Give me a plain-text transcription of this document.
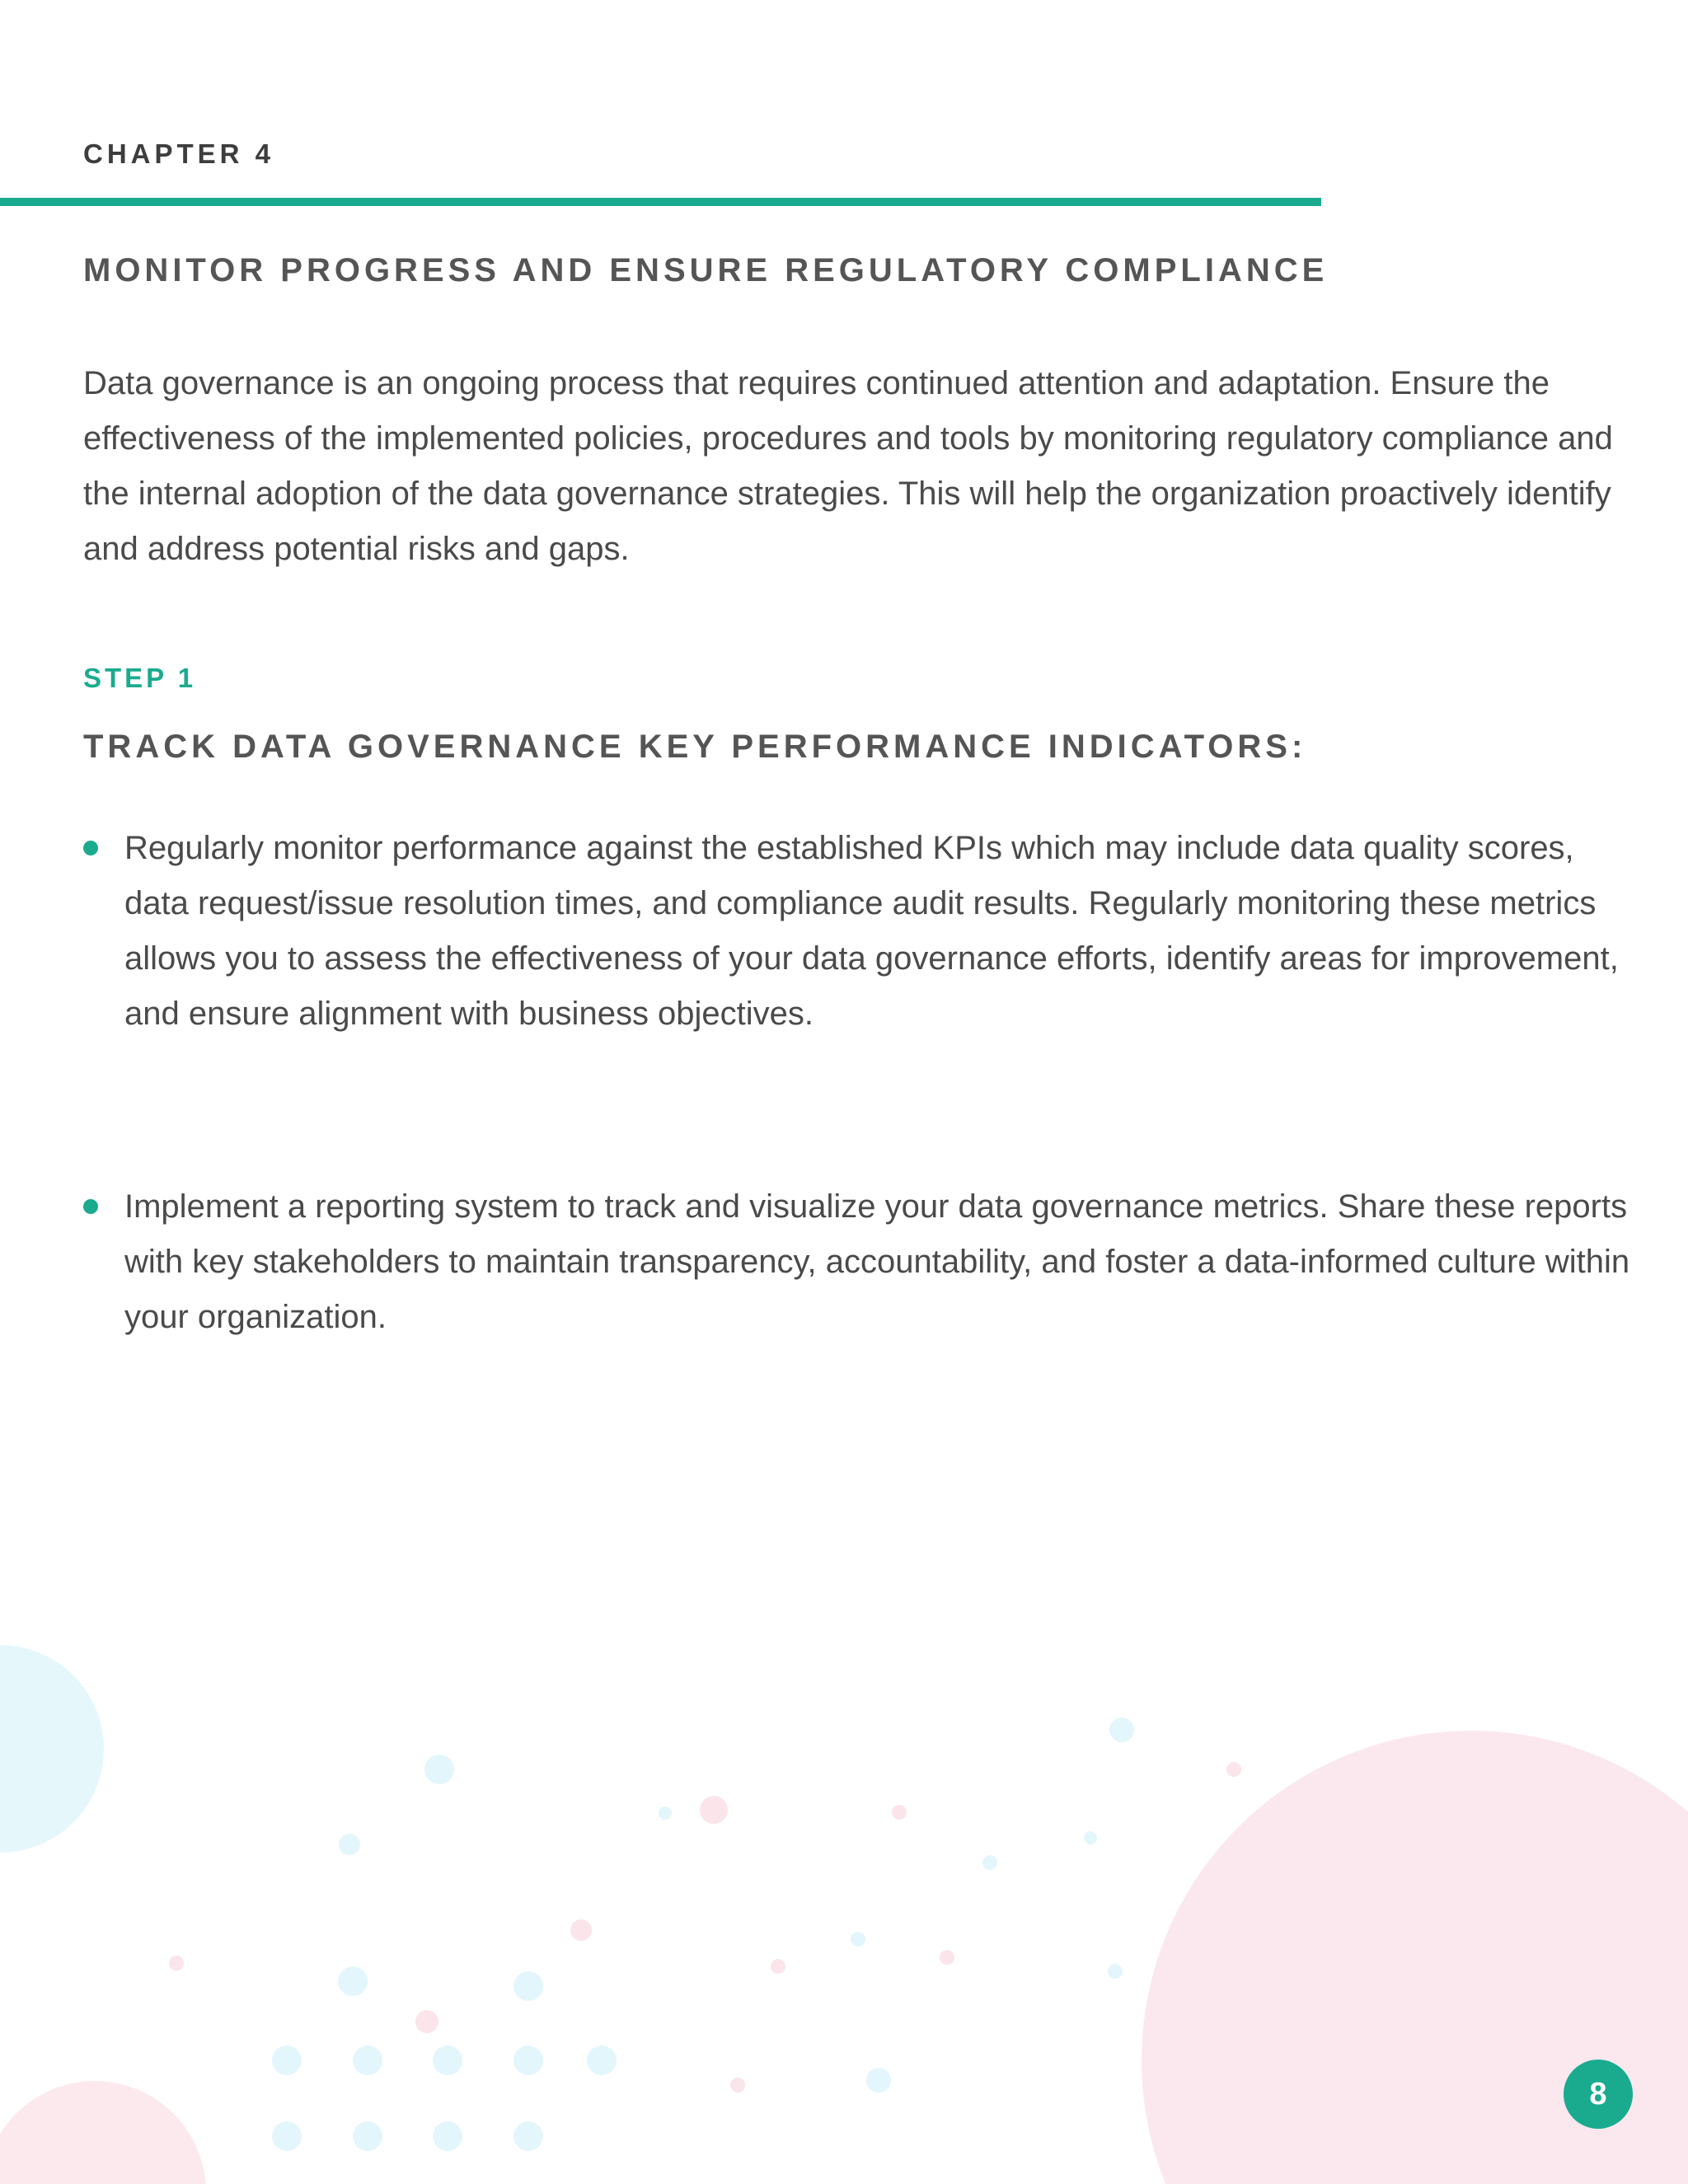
CHAPTER 4

MONITOR PROGRESS AND ENSURE REGULATORY COMPLIANCE

Data governance is an ongoing process that requires continued attention and adaptation. Ensure the effectiveness of the implemented policies, procedures and tools by monitoring regulatory compliance and the internal adoption of the data governance strategies. This will help the organization proactively identify and address potential risks and gaps.

STEP 1

TRACK DATA GOVERNANCE KEY PERFORMANCE INDICATORS:

Regularly monitor performance against the established KPIs which may include data quality scores, data request/issue resolution times, and compliance audit results. Regularly monitoring these metrics allows you to assess the effectiveness of your data governance efforts, identify areas for improvement, and ensure alignment with business objectives.

Implement a reporting system to track and visualize your data governance metrics. Share these reports with key stakeholders to maintain transparency, accountability, and foster a data-informed culture within your organization.

8
